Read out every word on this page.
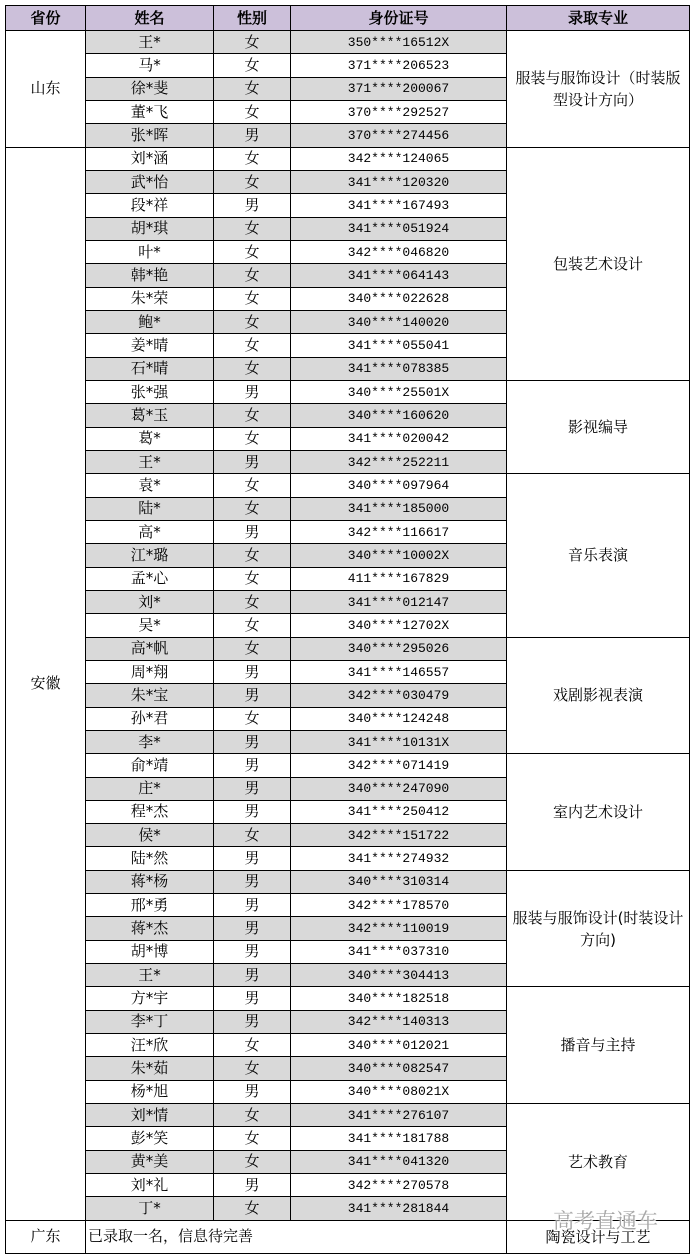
省份	姓名	性别	身份证号	录取专业
山东	王*	女	350****16512X	服装与服饰设计（时装版型设计方向）
	马*	女	371****206523	
	徐*斐	女	371****200067	
	董*飞	女	370****292527	
	张*晖	男	370****274456	
安徽	刘*涵	女	342****124065	包装艺术设计
	武*怡	女	341****120320	
	段*祥	男	341****167493	
	胡*琪	女	341****051924	
	叶*	女	342****046820	
	韩*艳	女	341****064143	
	朱*荣	女	340****022628	
	鲍*	女	340****140020	
	姜*晴	女	341****055041	
	石*晴	女	341****078385	
	张*强	男	340****25501X	影视编导
	葛*玉	女	340****160620	
	葛*	女	341****020042	
	王*	男	342****252211	
	袁*	女	340****097964	音乐表演
	陆*	女	341****185000	
	高*	男	342****116617	
	江*璐	女	340****10002X	
	孟*心	女	411****167829	
	刘*	女	341****012147	
	吴*	女	340****12702X	
	高*帆	女	340****295026	戏剧影视表演
	周*翔	男	341****146557	
	朱*宝	男	342****030479	
	孙*君	女	340****124248	
	李*	男	341****10131X	
	俞*靖	男	342****071419	室内艺术设计
	庄*	男	340****247090	
	程*杰	男	341****250412	
	侯*	女	342****151722	
	陆*然	男	341****274932	
	蒋*杨	男	340****310314	服装与服饰设计(时装设计方向)
	邢*勇	男	342****178570	
	蒋*杰	男	342****110019	
	胡*博	男	341****037310	
	王*	男	340****304413	
	方*宇	男	340****182518	播音与主持
	李*丁	男	342****140313	
	汪*欣	女	340****012021	
	朱*茹	女	340****082547	
	杨*旭	男	340****08021X	
	刘*情	女	341****276107	艺术教育
	彭*笑	女	341****181788	
	黄*美	女	341****041320	
	刘*礼	男	342****270578	
	丁*	女	341****281844	
广东	已录取一名，信息待完善			陶瓷设计与工艺
高考直通车
